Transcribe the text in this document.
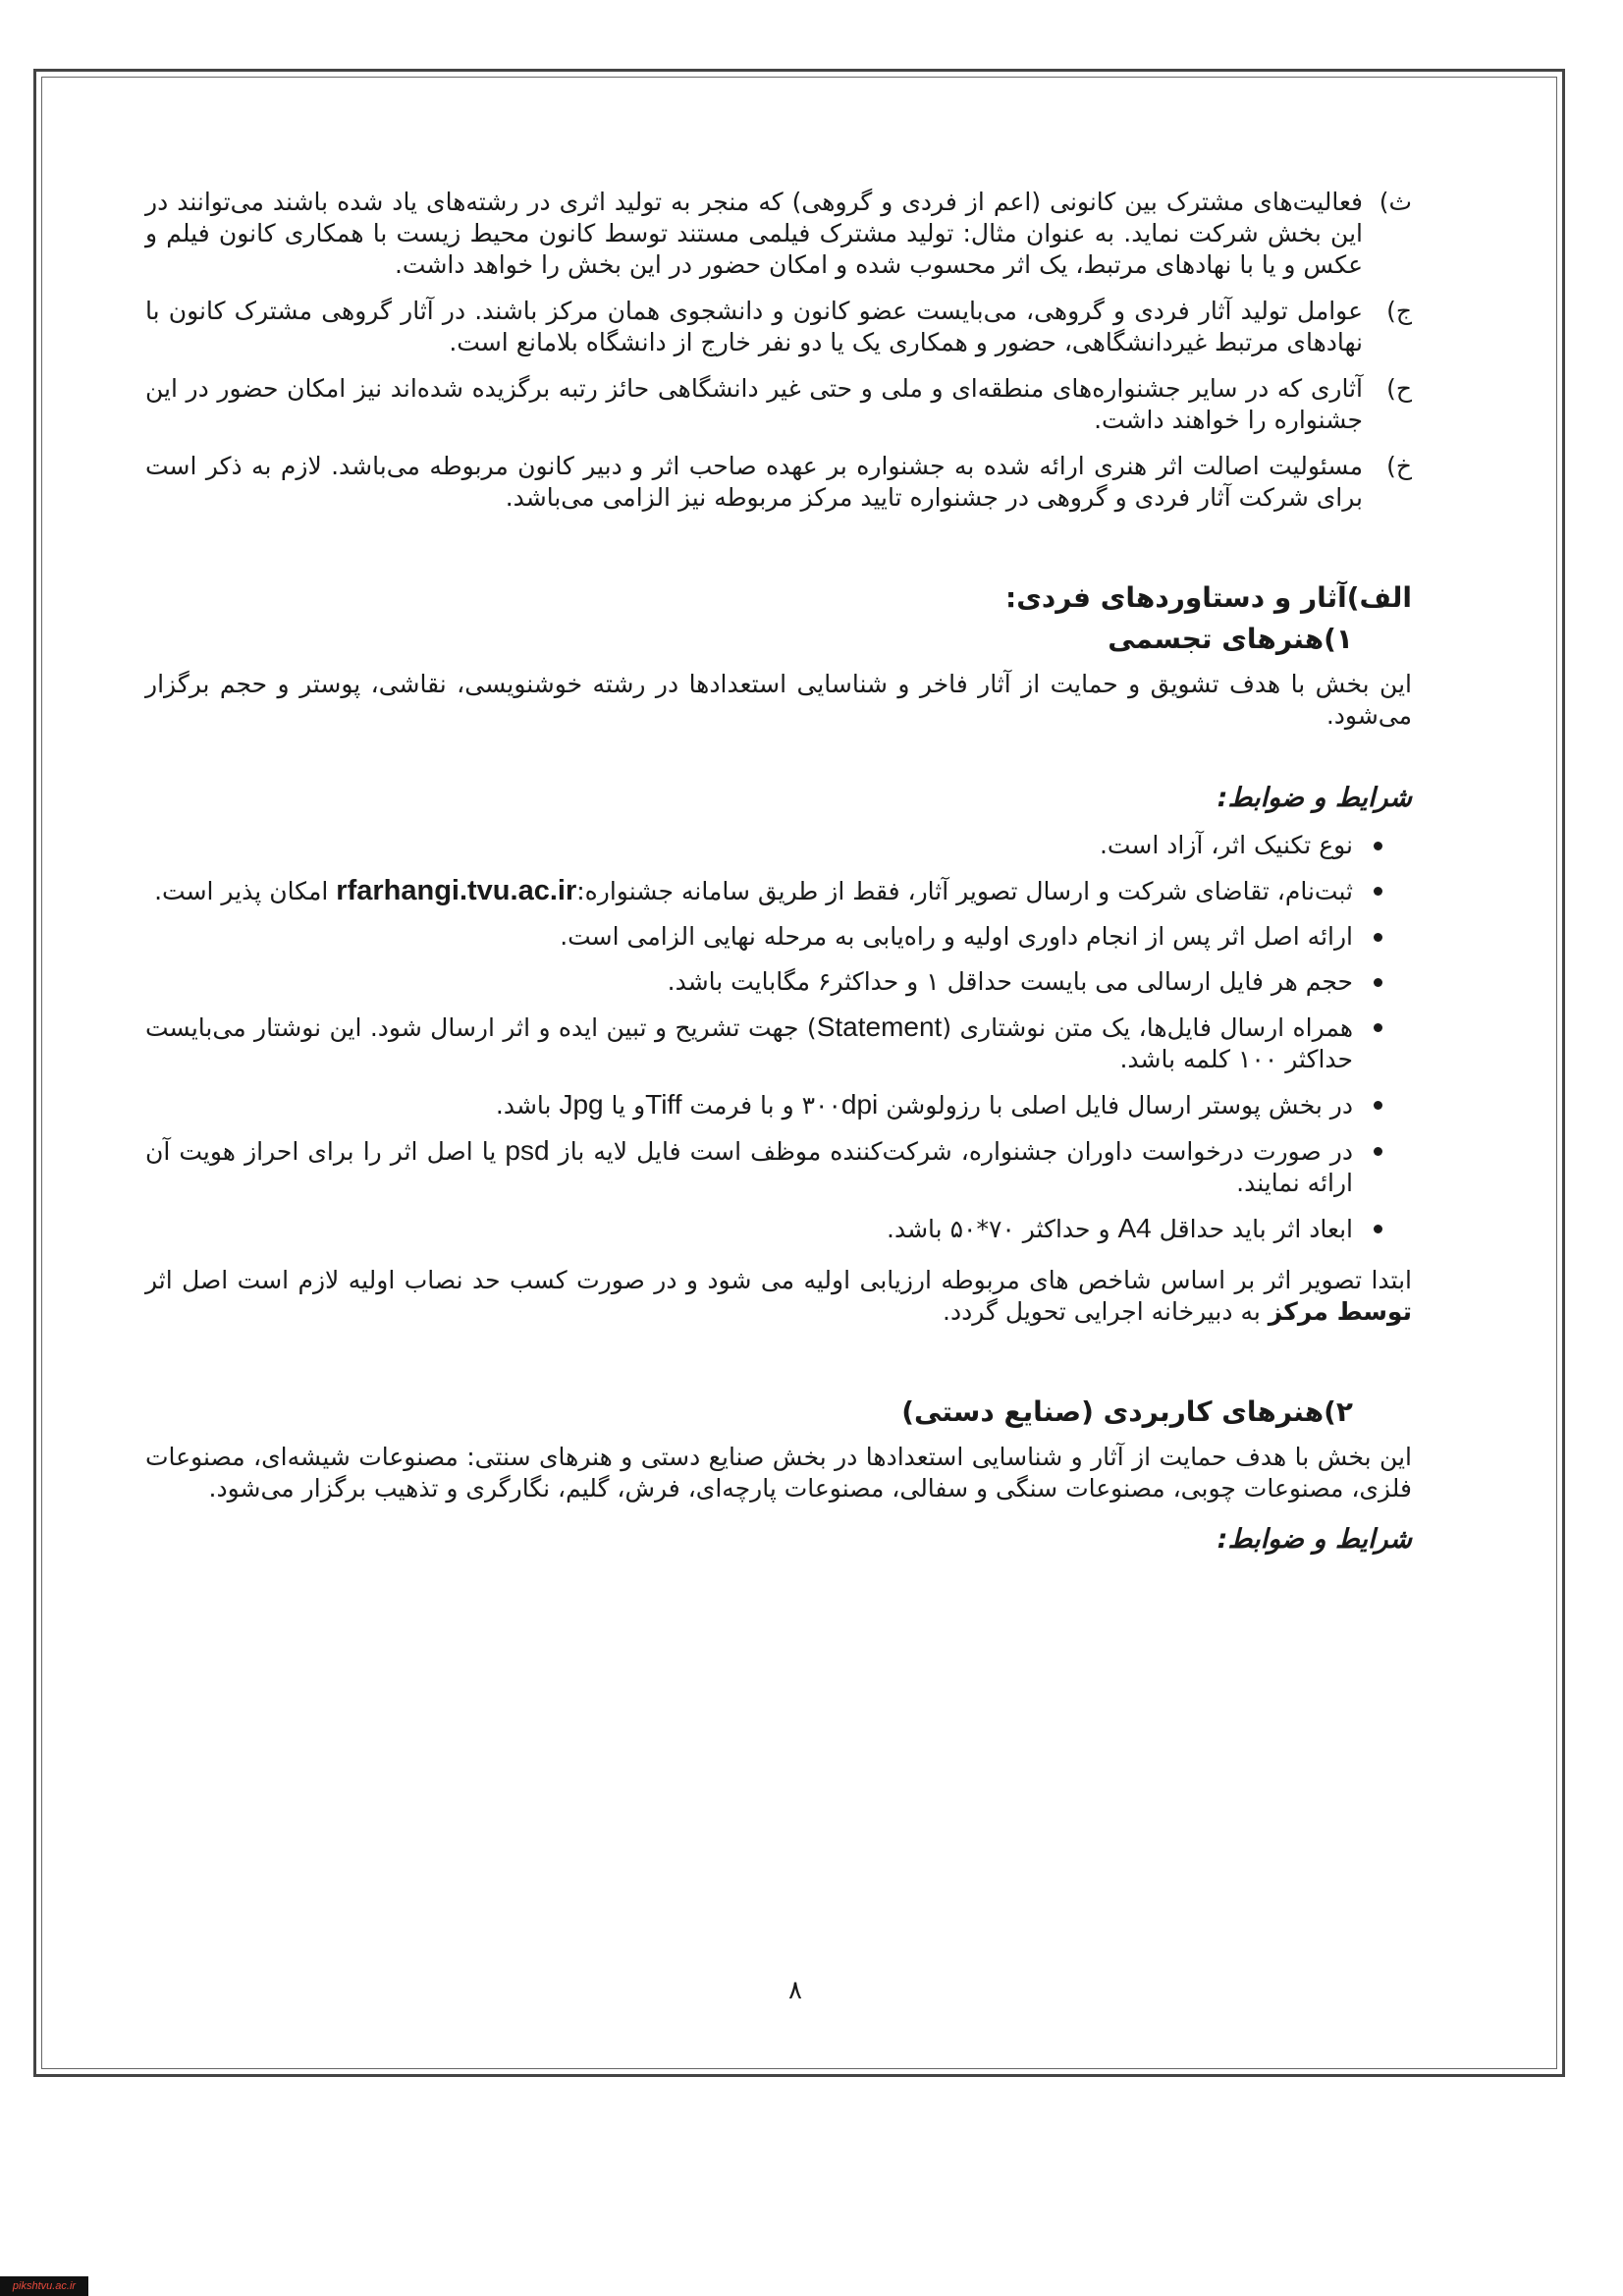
ث)
فعالیت‌های مشترک بین کانونی (اعم از فردی و گروهی) که منجر به تولید اثری در رشته‌های یاد شده باشند می‌توانند در این بخش شرکت نماید. به عنوان مثال: تولید مشترک فیلمی مستند توسط کانون محیط زیست با همکاری کانون فیلم و عکس و یا با نهادهای مرتبط، یک اثر محسوب شده و امکان حضور در این بخش را خواهد داشت.
ج)
عوامل تولید آثار فردی و گروهی، می‌بایست عضو کانون و دانشجوی همان مرکز باشند. در آثار گروهی مشترک کانون با نهادهای مرتبط غیردانشگاهی، حضور و همکاری یک یا دو نفر خارج از دانشگاه بلامانع است.
ح)
آثاری که در سایر جشنواره‌های منطقه‌ای و ملی و حتی غیر دانشگاهی حائز رتبه برگزیده شده‌اند نیز امکان حضور در این جشنواره را خواهند داشت.
خ)
مسئولیت اصالت اثر هنری ارائه شده به جشنواره بر عهده صاحب اثر و دبیر کانون مربوطه می‌باشد. لازم به ذکر است برای شرکت آثار فردی و گروهی در جشنواره تایید مرکز مربوطه نیز الزامی می‌باشد.
الف)آثار و دستاوردهای فردی:
۱)هنرهای تجسمی
این بخش با هدف تشویق و حمایت از آثار فاخر و شناسایی استعدادها در رشته خوشنویسی، نقاشی، پوستر و حجم برگزار می‌شود.
شرایط و ضوابط:
نوع تکنیک اثر، آزاد است.
ثبت‌نام، تقاضای شرکت و ارسال تصویر آثار، فقط از طریق سامانه جشنواره:rfarhangi.tvu.ac.ir امکان پذیر است.
ارائه اصل اثر پس از انجام داوری اولیه و راه‌یابی به مرحله نهایی الزامی است.
حجم هر فایل ارسالی می بایست حداقل ۱ و حداکثر۶ مگابایت باشد.
همراه ارسال فایل‌ها، یک متن نوشتاری (Statement) جهت تشریح و تبین ایده و اثر ارسال شود. این نوشتار می‌بایست حداکثر ۱۰۰ کلمه باشد.
در بخش پوستر ارسال فایل اصلی با رزولوشن ۳۰۰dpi و با فرمت Tiffو یا Jpg باشد.
در صورت درخواست داوران جشنواره، شرکت‌کننده موظف است فایل لایه باز psd یا اصل اثر را برای احراز هویت آن ارائه نمایند.
ابعاد اثر باید حداقل A4 و حداکثر ۷۰*۵۰ باشد.
ابتدا تصویر اثر بر اساس شاخص های مربوطه ارزیابی اولیه می شود و در صورت کسب حد نصاب اولیه لازم است اصل اثر توسط مرکز به دبیرخانه اجرایی تحویل گردد.
۲)هنرهای کاربردی (صنایع دستی)
این بخش با هدف حمایت از آثار و شناسایی استعدادها در بخش صنایع دستی و هنرهای سنتی: مصنوعات شیشه‌ای، مصنوعات فلزی، مصنوعات چوبی، مصنوعات سنگی و سفالی، مصنوعات پارچه‌ای، فرش، گلیم، نگارگری و تذهیب برگزار می‌شود.
شرایط و ضوابط:
۸
pikshtvu.ac.ir
